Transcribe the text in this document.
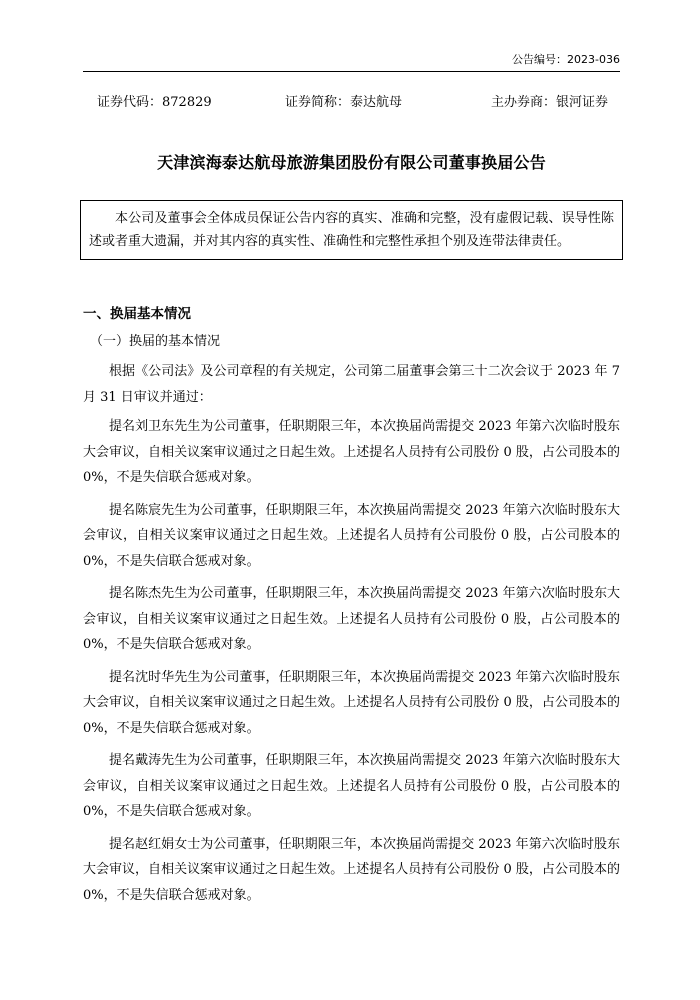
公告编号：2023-036
证券代码：872829	证券简称：泰达航母	主办券商：银河证券
天津滨海泰达航母旅游集团股份有限公司董事换届公告

本公司及董事会全体成员保证公告内容的真实、准确和完整，没有虚假记载、误导性陈述或者重大遗漏，并对其内容的真实性、准确性和完整性承担个别及连带法律责任。

一、换届基本情况
（一）换届的基本情况

根据《公司法》及公司章程的有关规定，公司第二届董事会第三十二次会议于 2023 年 7 月 31 日审议并通过：

提名刘卫东先生为公司董事，任职期限三年，本次换届尚需提交 2023 年第六次临时股东大会审议，自相关议案审议通过之日起生效。上述提名人员持有公司股份 0 股，占公司股本的 0%，不是失信联合惩戒对象。

提名陈宸先生为公司董事，任职期限三年，本次换届尚需提交 2023 年第六次临时股东大会审议，自相关议案审议通过之日起生效。上述提名人员持有公司股份 0 股，占公司股本的 0%，不是失信联合惩戒对象。

提名陈杰先生为公司董事，任职期限三年，本次换届尚需提交 2023 年第六次临时股东大会审议，自相关议案审议通过之日起生效。上述提名人员持有公司股份 0 股，占公司股本的 0%，不是失信联合惩戒对象。

提名沈时华先生为公司董事，任职期限三年，本次换届尚需提交 2023 年第六次临时股东大会审议，自相关议案审议通过之日起生效。上述提名人员持有公司股份 0 股，占公司股本的 0%，不是失信联合惩戒对象。

提名戴涛先生为公司董事，任职期限三年，本次换届尚需提交 2023 年第六次临时股东大会审议，自相关议案审议通过之日起生效。上述提名人员持有公司股份 0 股，占公司股本的 0%，不是失信联合惩戒对象。

提名赵红娟女士为公司董事，任职期限三年，本次换届尚需提交 2023 年第六次临时股东大会审议，自相关议案审议通过之日起生效。上述提名人员持有公司股份 0 股，占公司股本的 0%，不是失信联合惩戒对象。
